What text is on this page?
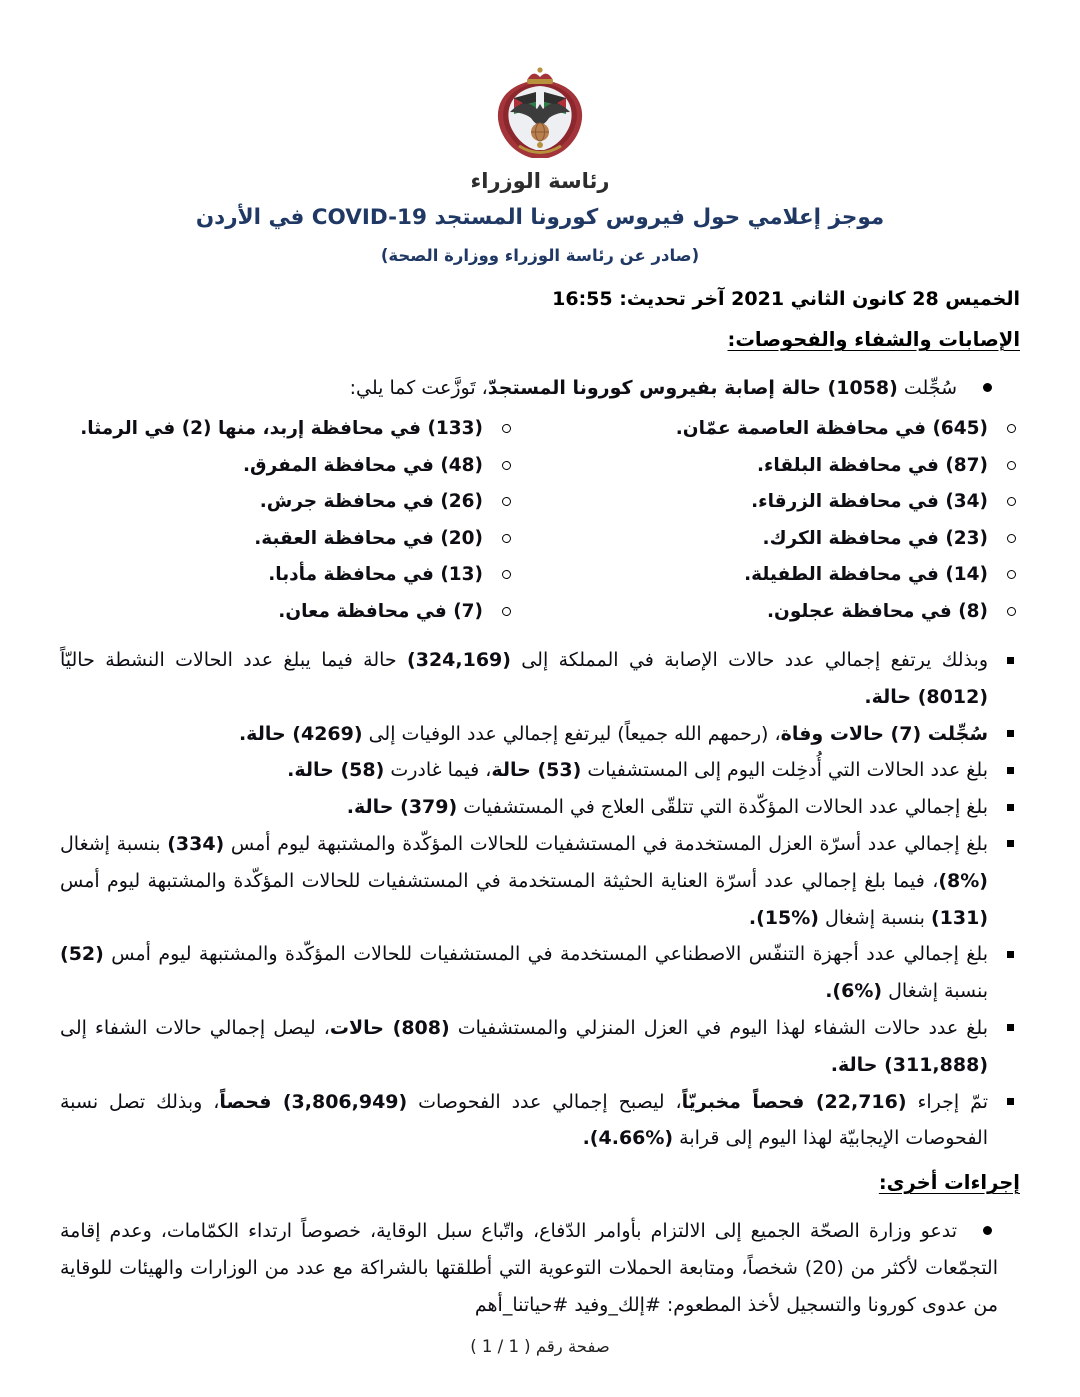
رئاسة الوزراء
موجز إعلامي حول فيروس كورونا المستجد COVID-19 في الأردن
(صادر عن رئاسة الوزراء ووزارة الصحة)
الخميس 28 كانون الثاني 2021 آخر تحديث: 16:55
الإصابات والشفاء والفحوصات:

سُجِّلت (1058) حالة إصابة بفيروس كورونا المستجدّ، تَوزَّعت كما يلي:

(645) في محافظة العاصمة عمّان.
(133) في محافظة إربد، منها (2) في الرمثا.
(87) في محافظة البلقاء.
(48) في محافظة المفرق.
(34) في محافظة الزرقاء.
(26) في محافظة جرش.
(23) في محافظة الكرك.
(20) في محافظة العقبة.
(14) في محافظة الطفيلة.
(13) في محافظة مأدبا.
(8) في محافظة عجلون.
(7) في محافظة معان.

وبذلك يرتفع إجمالي عدد حالات الإصابة في المملكة إلى (324,169) حالة فيما يبلغ عدد الحالات النشطة حاليّاً (8012) حالة.

سُجِّلت (7) حالات وفاة، (رحمهم الله جميعاً) ليرتفع إجمالي عدد الوفيات إلى (4269) حالة.

بلغ عدد الحالات التي أُدخِلت اليوم إلى المستشفيات (53) حالة، فيما غادرت (58) حالة.

بلغ إجمالي عدد الحالات المؤكّدة التي تتلقّى العلاج في المستشفيات (379) حالة.

بلغ إجمالي عدد أسرّة العزل المستخدمة في المستشفيات للحالات المؤكّدة والمشتبهة ليوم أمس (334) بنسبة إشغال (%8)، فيما بلغ إجمالي عدد أسرّة العناية الحثيثة المستخدمة في المستشفيات للحالات المؤكّدة والمشتبهة ليوم أمس (131) بنسبة إشغال (%15).

بلغ إجمالي عدد أجهزة التنفّس الاصطناعي المستخدمة في المستشفيات للحالات المؤكّدة والمشتبهة ليوم أمس (52) بنسبة إشغال (%6).

بلغ عدد حالات الشفاء لهذا اليوم في العزل المنزلي والمستشفيات (808) حالات، ليصل إجمالي حالات الشفاء إلى (311,888) حالة.

تمّ إجراء (22,716) فحصاً مخبريّاً، ليصبح إجمالي عدد الفحوصات (3,806,949) فحصاً، وبذلك تصل نسبة الفحوصات الإيجابيّة لهذا اليوم إلى قرابة (%4.66).

إجراءات أخرى:

تدعو وزارة الصحّة الجميع إلى الالتزام بأوامر الدّفاع، واتّباع سبل الوقاية، خصوصاً ارتداء الكمّامات، وعدم إقامة التجمّعات لأكثر من (20) شخصاً، ومتابعة الحملات التوعوية التي أطلقتها بالشراكة مع عدد من الوزارات والهيئات للوقاية من عدوى كورونا والتسجيل لأخذ المطعوم: #إلك_وفيد #حياتنا_أهم

صفحة رقم ( 1 / 1 )
